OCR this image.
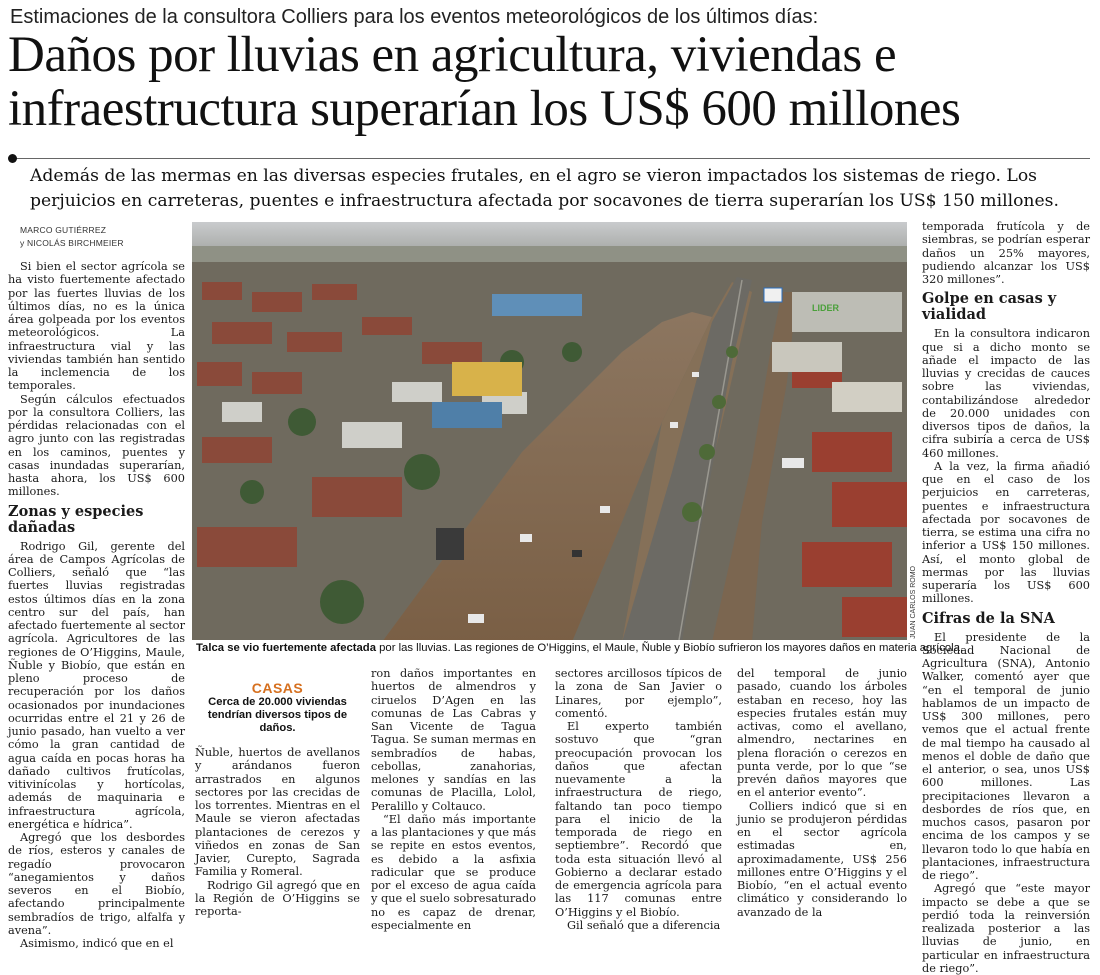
Estimaciones de la consultora Colliers para los eventos meteorológicos de los últimos días:
Daños por lluvias en agricultura, viviendas e
infraestructura superarían los US$ 600 millones
Además de las mermas en las diversas especies frutales, en el agro se vieron impactados los sistemas de riego. Los perjuicios en carreteras, puentes e infraestructura afectada por socavones de tierra superarían los US$ 150 millones.
MARCO GUTIÉRREZ
y NICOLÁS BIRCHMEIER

Si bien el sector agrícola se ha visto fuertemente afectado por las fuertes lluvias de los últimos días, no es la única área golpeada por los eventos meteorológicos. La infraestructura vial y las viviendas también han sentido la inclemencia de los temporales.

Según cálculos efectuados por la consultora Colliers, las pérdidas relacionadas con el agro junto con las registradas en los caminos, puentes y casas inundadas superarían, hasta ahora, los US$ 600 millones.

Zonas y especies dañadas

Rodrigo Gil, gerente del área de Campos Agrícolas de Colliers, señaló que “las fuertes lluvias registradas estos últimos días en la zona centro sur del país, han afectado fuertemente al sector agrícola. Agricultores de las regiones de O’Higgins, Maule, Ñuble y Biobío, que están en pleno proceso de recuperación por los daños ocasionados por inundaciones ocurridas entre el 21 y 26 de junio pasado, han vuelto a ver cómo la gran cantidad de agua caída en pocas horas ha dañado cultivos frutícolas, vitivinícolas y hortícolas, además de maquinaria e infraestructura agrícola, energética e hídrica”.

Agregó que los desbordes de ríos, esteros y canales de regadío provocaron “anegamientos y daños severos en el Biobío, afectando principalmente sembradíos de trigo, alfalfa y avena”.

Asimismo, indicó que en el

LIDER
JUAN CARLOS ROMO
Talca se vio fuertemente afectada por las lluvias. Las regiones de O’Higgins, el Maule, Ñuble y Biobío sufrieron los mayores daños en materia agrícola.
CASAS
Cerca de 20.000 viviendas tendrían diversos tipos de daños.

Ñuble, huertos de avellanos y arándanos fueron arrastrados en algunos sectores por las crecidas de los torrentes. Mientras en el Maule se vieron afectadas plantaciones de cerezos y viñedos en zonas de San Javier, Curepto, Sagrada Familia y Romeral.

Rodrigo Gil agregó que en la Región de O’Higgins se reporta-

ron daños importantes en huertos de almendros y ciruelos D’Agen en las comunas de Las Cabras y San Vicente de Tagua Tagua. Se suman mermas en sembradíos de habas, cebollas, zanahorias, melones y sandías en las comunas de Placilla, Lolol, Peralillo y Coltauco.

“El daño más importante a las plantaciones y que más se repite en estos eventos, es debido a la asfixia radicular que se produce por el exceso de agua caída y que el suelo sobresaturado no es capaz de drenar, especialmente en

sectores arcillosos típicos de la zona de San Javier o Linares, por ejemplo”, comentó.

El experto también sostuvo que “gran preocupación provocan los daños que afectan nuevamente a la infraestructura de riego, faltando tan poco tiempo para el inicio de la temporada de riego en septiembre”. Recordó que toda esta situación llevó al Gobierno a declarar estado de emergencia agrícola para las 117 comunas entre O’Higgins y el Biobío.

Gil señaló que a diferencia

del temporal de junio pasado, cuando los árboles estaban en receso, hoy las especies frutales están muy activas, como el avellano, almendro, nectarines en plena floración o cerezos en punta verde, por lo que “se prevén daños mayores que en el anterior evento”.

Colliers indicó que si en junio se produjeron pérdidas en el sector agrícola estimadas en, aproximadamente, US$ 256 millones entre O’Higgins y el Biobío, “en el actual evento climático y considerando lo avanzado de la

temporada frutícola y de siembras, se podrían esperar daños un 25% mayores, pudiendo alcanzar los US$ 320 millones”.

Golpe en casas y vialidad

En la consultora indicaron que si a dicho monto se añade el impacto de las lluvias y crecidas de cauces sobre las viviendas, contabilizándose alrededor de 20.000 unidades con diversos tipos de daños, la cifra subiría a cerca de US$ 460 millones.

A la vez, la firma añadió que en el caso de los perjuicios en carreteras, puentes e infraestructura afectada por socavones de tierra, se estima una cifra no inferior a US$ 150 millones. Así, el monto global de mermas por las lluvias superaría los US$ 600 millones.

Cifras de la SNA

El presidente de la Sociedad Nacional de Agricultura (SNA), Antonio Walker, comentó ayer que “en el temporal de junio hablamos de un impacto de US$ 300 millones, pero vemos que el actual frente de mal tiempo ha causado al menos el doble de daño que el anterior, o sea, unos US$ 600 millones. Las precipitaciones llevaron a desbordes de ríos que, en muchos casos, pasaron por encima de los campos y se llevaron todo lo que había en plantaciones, infraestructura de riego”.

Agregó que “este mayor impacto se debe a que se perdió toda la reinversión realizada posterior a las lluvias de junio, en particular en infraestructura de riego”.
